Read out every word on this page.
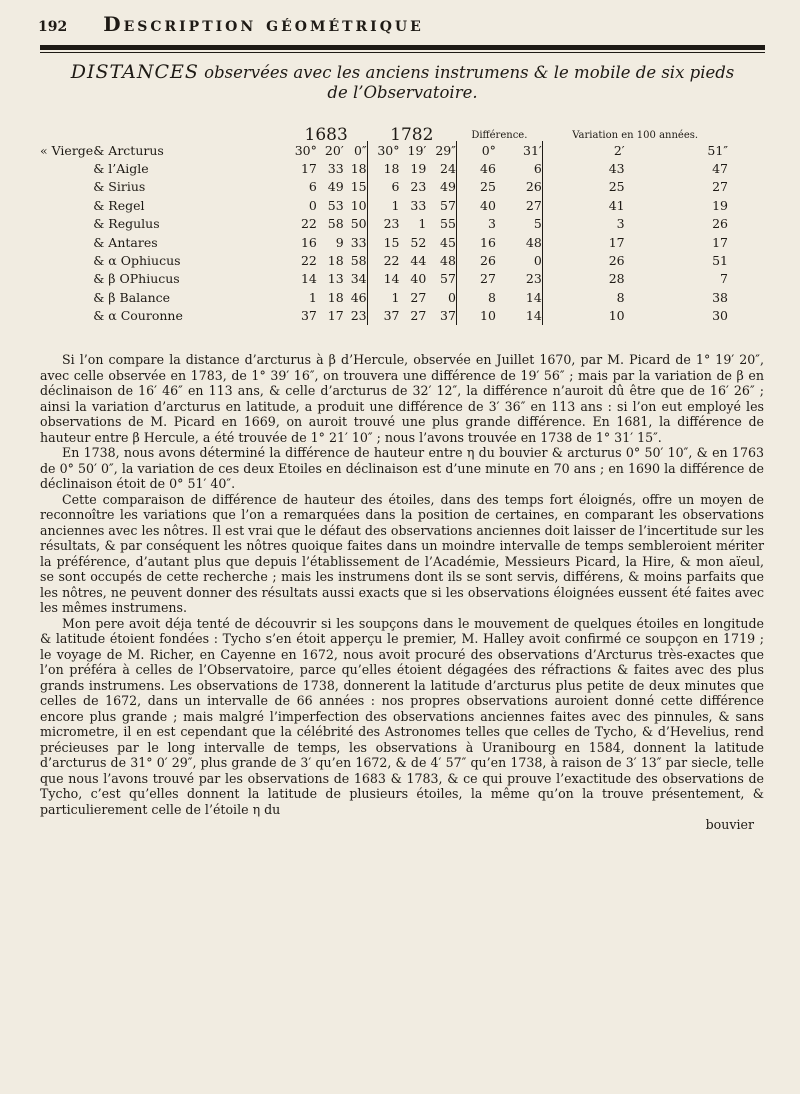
192 Description géométrique
DISTANCES observées avec les anciens instrumens & le mobile de six pieds
de l’Observatoire.
		1683			1782			Différence.		Variation en 100 années.	
« Vierge	& Arcturus	30°	20′	0″	30°	19′	29″	0°	31′	2′	51″
	& l’Aigle	17	33	18	18	19	24	46	6	43	47
	& Sirius	6	49	15	6	23	49	25	26	25	27
	& Regel	0	53	10	1	33	57	40	27	41	19
	& Regulus	22	58	50	23	1	55	3	5	3	26
	& Antares	16	9	33	15	52	45	16	48	17	17
	& α Ophiucus	22	18	58	22	44	48	26	0	26	51
	& β OPhiucus	14	13	34	14	40	57	27	23	28	7
	& β Balance	1	18	46	1	27	0	8	14	8	38
	& α Couronne	37	17	23	37	27	37	10	14	10	30

Si l’on compare la distance d’arcturus à β d’Hercule, observée en Juillet 1670, par M. Picard de 1° 19′ 20″, avec celle observée en 1783, de 1° 39′ 16″, on trouvera une différence de 19′ 56″ ; mais par la variation de β en déclinaison de 16′ 46″ en 113 ans, & celle d’arcturus de 32′ 12″, la différence n’auroit dû être que de 16′ 26″ ; ainsi la variation d’arcturus en latitude, a produit une différence de 3′ 36″ en 113 ans : si l’on eut employé les observations de M. Picard en 1669, on auroit trouvé une plus grande différence. En 1681, la différence de hauteur entre β Hercule, a été trouvée de 1° 21′ 10″ ; nous l’avons trouvée en 1738 de 1° 31′ 15″.

En 1738, nous avons déterminé la différence de hauteur entre η du bouvier & arcturus 0° 50′ 10″, & en 1763 de 0° 50′ 0″, la variation de ces deux Etoiles en déclinaison est d’une minute en 70 ans ; en 1690 la différence de déclinaison étoit de 0° 51′ 40″.

Cette comparaison de différence de hauteur des étoiles, dans des temps fort éloignés, offre un moyen de reconnoître les variations que l’on a remarquées dans la position de certaines, en comparant les observations anciennes avec les nôtres. Il est vrai que le défaut des observations anciennes doit laisser de l’incertitude sur les résultats, & par conséquent les nôtres quoique faites dans un moindre intervalle de temps sembleroient mériter la préférence, d’autant plus que depuis l’établissement de l’Académie, Messieurs Picard, la Hire, & mon aïeul, se sont occupés de cette recherche ; mais les instrumens dont ils se sont servis, différens, & moins parfaits que les nôtres, ne peuvent donner des résultats aussi exacts que si les observations éloignées eussent été faites avec les mêmes instrumens.

Mon pere avoit déja tenté de découvrir si les soupçons dans le mouvement de quelques étoiles en longitude & latitude étoient fondées : Tycho s’en étoit apperçu le premier, M. Halley avoit confirmé ce soupçon en 1719 ; le voyage de M. Richer, en Cayenne en 1672, nous avoit procuré des observations d’Arcturus très-exactes que l’on préféra à celles de l’Observatoire, parce qu’elles étoient dégagées des réfractions & faites avec des plus grands instrumens. Les observations de 1738, donnerent la latitude d’arcturus plus petite de deux minutes que celles de 1672, dans un intervalle de 66 années : nos propres observations auroient donné cette différence encore plus grande ; mais malgré l’imperfection des observations anciennes faites avec des pinnules, & sans micrometre, il en est cependant que la célébrité des Astronomes telles que celles de Tycho, & d’Hevelius, rend précieuses par le long intervalle de temps, les observations à Uranibourg en 1584, donnent la latitude d’arcturus de 31° 0′ 29″, plus grande de 3′ qu’en 1672, & de 4′ 57″ qu’en 1738, à raison de 3′ 13″ par siecle, telle que nous l’avons trouvé par les observations de 1683 & 1783, & ce qui prouve l’exactitude des observations de Tycho, c’est qu’elles donnent la latitude de plusieurs étoiles, la même qu’on la trouve présentement, & particulierement celle de l’étoile η du

bouvier
